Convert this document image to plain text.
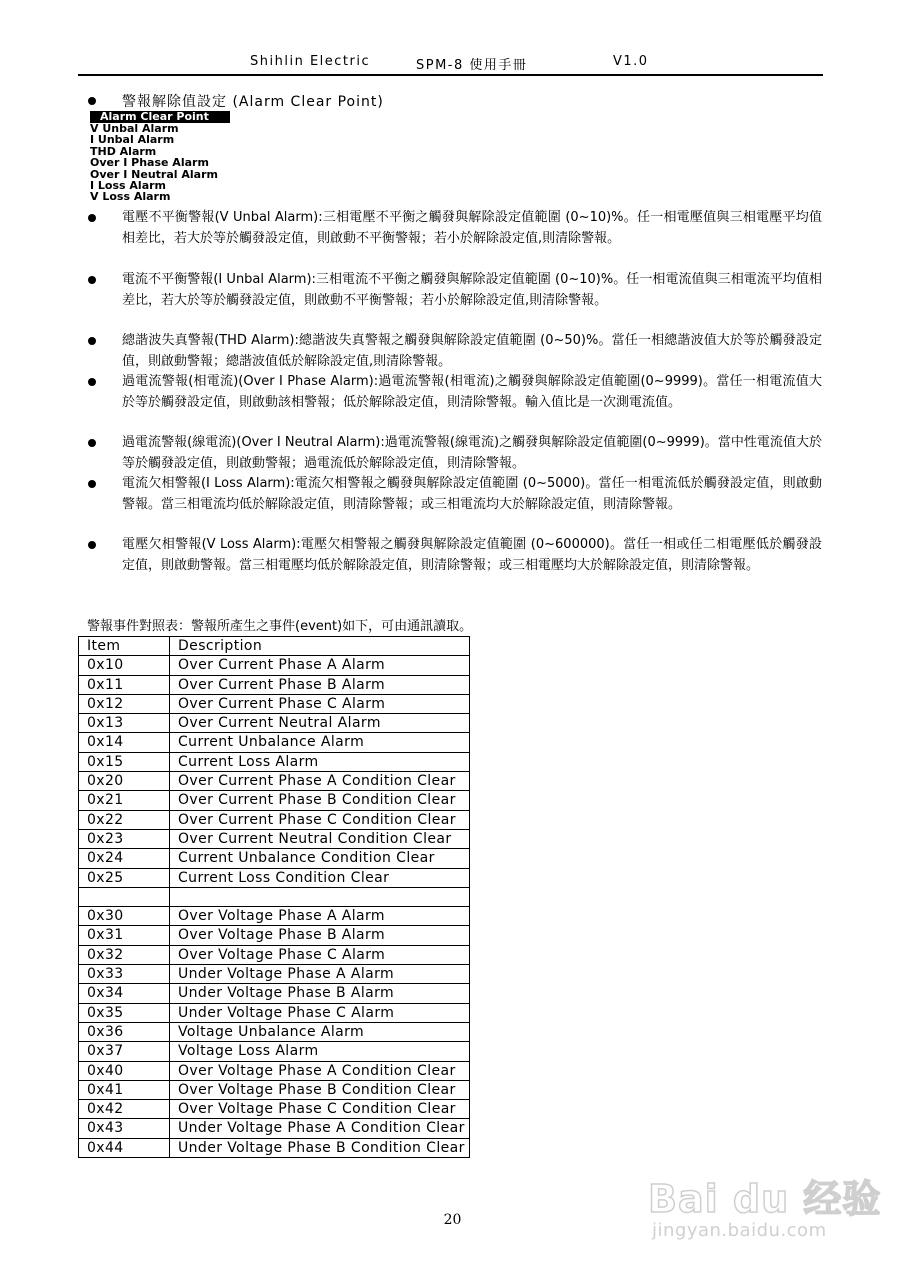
Shihlin Electric	SPM-8 使用手冊	V1.0
警報解除值設定 (Alarm Clear Point)
Alarm Clear Point
V Unbal Alarm
I Unbal Alarm
THD Alarm
Over I Phase Alarm
Over I Neutral Alarm
I Loss Alarm
V Loss Alarm
電壓不平衡警報(V Unbal Alarm):三相電壓不平衡之觸發與解除設定值範圍 (0~10)%。任一相電壓值與三相電壓平均值相差比，若大於等於觸發設定值，則啟動不平衡警報；若小於解除設定值,則清除警報。
電流不平衡警報(I Unbal Alarm):三相電流不平衡之觸發與解除設定值範圍 (0~10)%。任一相電流值與三相電流平均值相差比，若大於等於觸發設定值，則啟動不平衡警報；若小於解除設定值,則清除警報。
總諧波失真警報(THD Alarm):總諧波失真警報之觸發與解除設定值範圍 (0~50)%。當任一相總諧波值大於等於觸發設定值，則啟動警報；總諧波值低於解除設定值,則清除警報。
過電流警報(相電流)(Over I Phase Alarm):過電流警報(相電流)之觸發與解除設定值範圍(0~9999)。當任一相電流值大於等於觸發設定值，則啟動該相警報；低於解除設定值，則清除警報。輸入值比是一次測電流值。
過電流警報(線電流)(Over I Neutral Alarm):過電流警報(線電流)之觸發與解除設定值範圍(0~9999)。當中性電流值大於等於觸發設定值，則啟動警報；過電流低於解除設定值，則清除警報。
電流欠相警報(I Loss Alarm):電流欠相警報之觸發與解除設定值範圍 (0~5000)。當任一相電流低於觸發設定值，則啟動警報。當三相電流均低於解除設定值，則清除警報；或三相電流均大於解除設定值，則清除警報。
電壓欠相警報(V Loss Alarm):電壓欠相警報之觸發與解除設定值範圍 (0~600000)。當任一相或任二相電壓低於觸發設定值，則啟動警報。當三相電壓均低於解除設定值，則清除警報；或三相電壓均大於解除設定值，則清除警報。
警報事件對照表：警報所產生之事件(event)如下，可由通訊讀取。
Item	Description
0x10	Over Current Phase A Alarm
0x11	Over Current Phase B Alarm
0x12	Over Current Phase C Alarm
0x13	Over Current Neutral Alarm
0x14	Current Unbalance Alarm
0x15	Current Loss Alarm
0x20	Over Current Phase A Condition Clear
0x21	Over Current Phase B Condition Clear
0x22	Over Current Phase C Condition Clear
0x23	Over Current Neutral Condition Clear
0x24	Current Unbalance Condition Clear
0x25	Current Loss Condition Clear

0x30	Over Voltage Phase A Alarm
0x31	Over Voltage Phase B Alarm
0x32	Over Voltage Phase C Alarm
0x33	Under Voltage Phase A Alarm
0x34	Under Voltage Phase B Alarm
0x35	Under Voltage Phase C Alarm
0x36	Voltage Unbalance Alarm
0x37	Voltage Loss Alarm
0x40	Over Voltage Phase A Condition Clear
0x41	Over Voltage Phase B Condition Clear
0x42	Over Voltage Phase C Condition Clear
0x43	Under Voltage Phase A Condition Clear
0x44	Under Voltage Phase B Condition Clear
20	Bai du 经验
jingyan.baidu.com
